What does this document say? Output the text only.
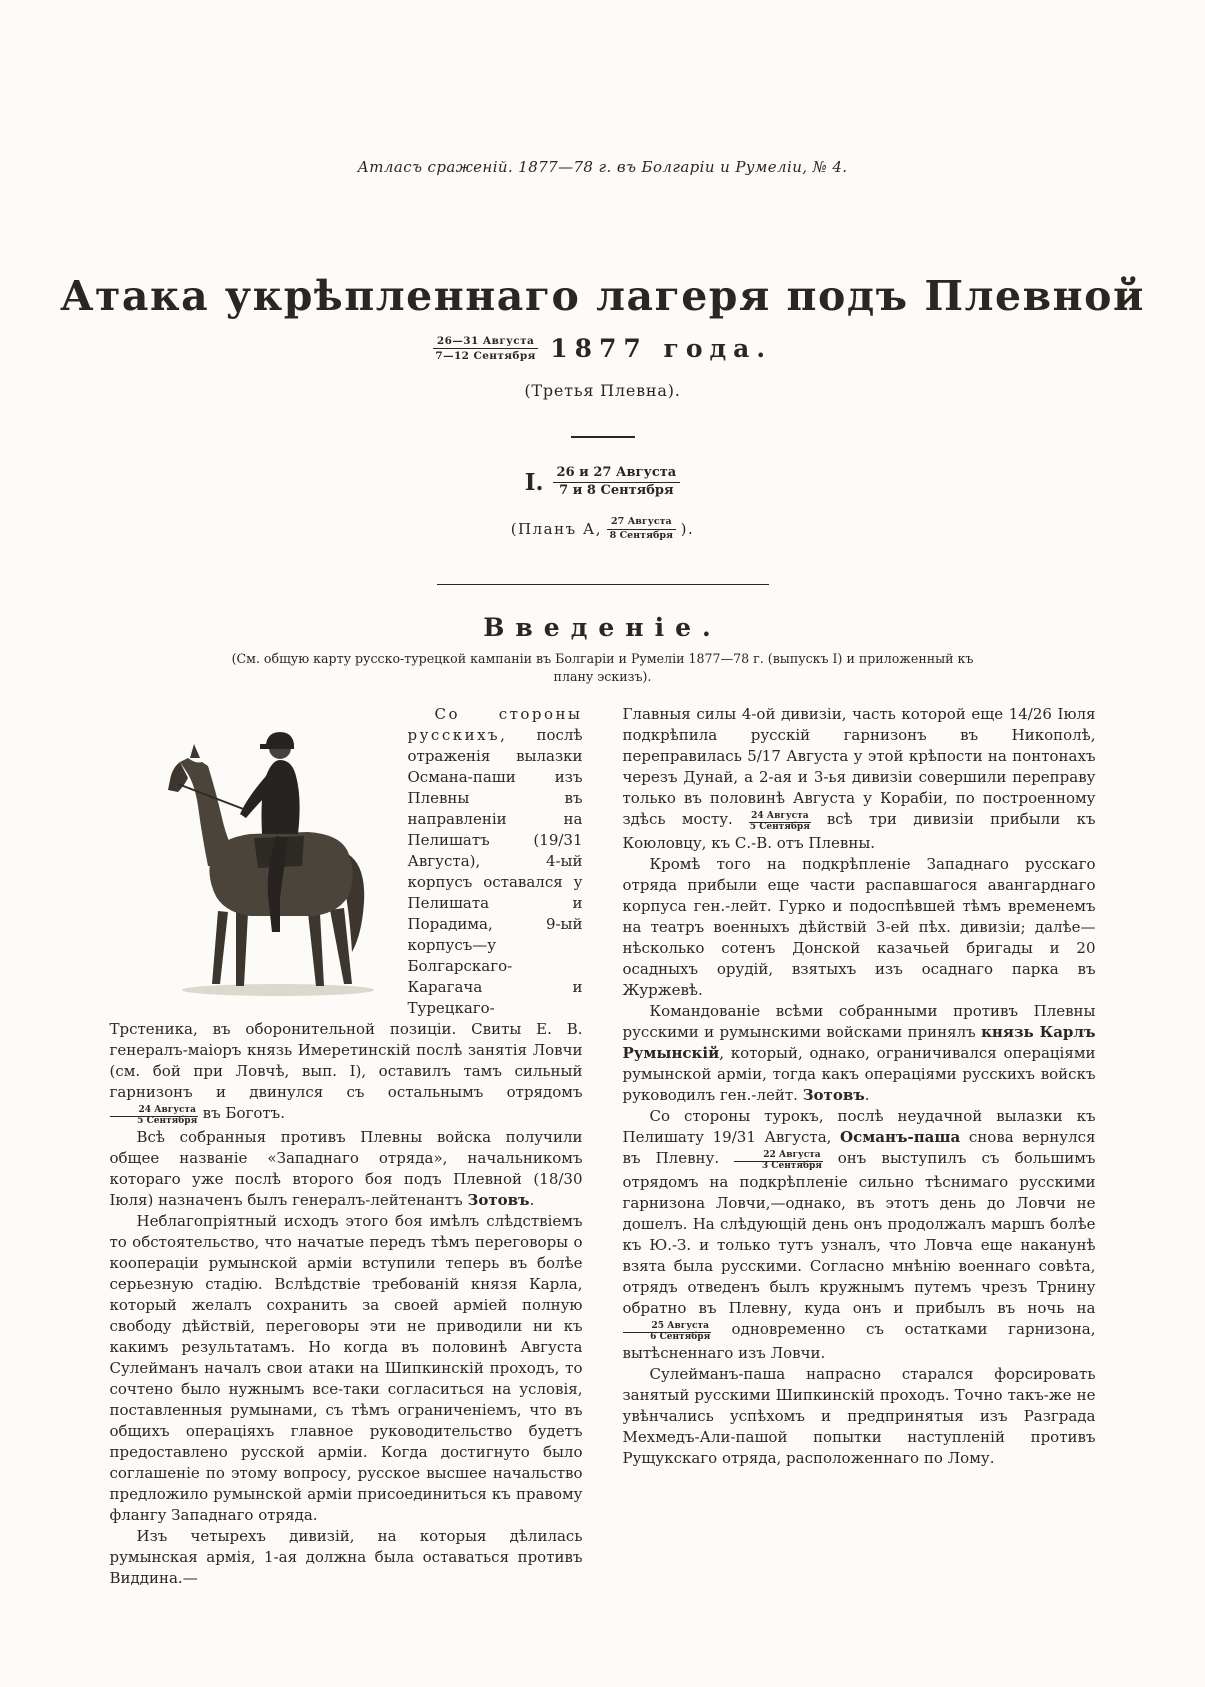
Атласъ сраженій. 1877—78 г. въ Болгаріи и Румеліи, № 4.
Атака укрѣпленнаго лагеря подъ Плевной
$\frac{\text{26—31 Августа}}{\text{7—12 Сентября}} 1877$ года.
(Третья Плевна).
I. $\frac{\text{26 и 27 Августа}}{\text{7 и 8 Сентября}}$
(Планъ А, $\frac{\text{27 Августа}}{\text{8 Сентября}}$ ).
Введеніе.
(См. общую карту русско-турецкой кампаніи въ Болгаріи и Румеліи 1877—78 г. (выпускъ I) и приложенный къ плану эскизъ).

Со стороны русскихъ, послѣ отраженія вылазки Османа-паши изъ Плевны въ направленіи на Пелишатъ (19/31 Августа), 4-ый корпусъ оставался у Пелишата и Порадима, 9-ый корпусъ—у Болгарскаго-Карагача и Турецкаго-Трстеника, въ оборонительной позиціи. Свиты Е. В. генералъ-маіоръ князь Имеретинскій послѣ занятія Ловчи (см. бой при Ловчѣ, вып. I), оставилъ тамъ сильный гарнизонъ и двинулся съ остальнымъ отрядомъ
$\frac{\text{24 Августа}}{\text{5 Сентября}}$ въ Боготъ.

Всѣ собранныя противъ Плевны войска получили общее названіе «Западнаго отряда», начальникомъ котораго уже послѣ второго боя подъ Плевной (18/30 Іюля) назначенъ былъ генералъ-лейтенантъ Зотовъ.

Неблагопріятный исходъ этого боя имѣлъ слѣдствіемъ то обстоятельство, что начатые передъ тѣмъ переговоры о коопераціи румынской арміи вступили теперь въ болѣе серьезную стадію. Вслѣдствіе требованій князя Карла, который желалъ сохранить за своей арміей полную свободу дѣйствій, переговоры эти не приводили ни къ какимъ результатамъ. Но когда въ половинѣ Августа Сулейманъ началъ свои атаки на Шипкинскій проходъ, то сочтено было нужнымъ все-таки согласиться на условія, поставленныя румынами, съ тѣмъ ограниченіемъ, что въ общихъ операціяхъ главное руководительство будетъ предоставлено русской арміи. Когда достигнуто было соглашеніе по этому вопросу, русское высшее начальство предложило румынской арміи присоединиться къ правому флангу Западнаго отряда.

Изъ четырехъ дивизій, на которыя дѣлилась румынская армія, 1-ая должна была оставаться противъ Виддина.—

Главныя силы 4-ой дивизіи, часть которой еще 14/26 Іюля подкрѣпила русскій гарнизонъ въ Никополѣ, переправилась 5/17 Августа у этой крѣпости на понтонахъ черезъ Дунай, а 2-ая и 3-ья дивизіи совершили переправу только въ половинѣ Августа у Корабіи, по построенному здѣсь мосту. $\frac{\text{24 Августа}}{\text{5 Сентября}}$ всѣ три дивизіи прибыли къ Коюловцу, къ С.-В. отъ Плевны.

Кромѣ того на подкрѣпленіе Западнаго русскаго отряда прибыли еще части распавшагося авангарднаго корпуса ген.-лейт. Гурко и подоспѣвшей тѣмъ временемъ на театръ военныхъ дѣйствій 3-ей пѣх. дивизіи; далѣе—нѣсколько сотенъ Донской казачьей бригады и 20 осадныхъ орудій, взятыхъ изъ осаднаго парка въ Журжевѣ.

Командованіе всѣми собранными противъ Плевны русскими и румынскими войсками принялъ князь Карлъ Румынскій, который, однако, ограничивался операціями румынской арміи, тогда какъ операціями русскихъ войскъ руководилъ ген.-лейт. Зотовъ.

Со стороны турокъ, послѣ неудачной вылазки къ Пелишату 19/31 Августа, Османъ-паша снова вернулся въ Плевну. $\frac{\text{22 Августа}}{\text{3 Сентября}}$ онъ выступилъ съ большимъ отрядомъ на подкрѣпленіе сильно тѣснимаго русскими гарнизона Ловчи,—однако, въ этотъ день до Ловчи не дошелъ. На слѣдующій день онъ продолжалъ маршъ болѣе къ Ю.-З. и только тутъ узналъ, что Ловча еще наканунѣ взята была русскими. Согласно мнѣнію военнаго совѣта, отрядъ отведенъ былъ кружнымъ путемъ чрезъ Трнину обратно въ Плевну, куда онъ и прибылъ въ ночь на
$\frac{\text{25 Августа}}{\text{6 Сентября}}$ одновременно съ остатками гарнизона, вытѣсненнаго изъ Ловчи.

Сулейманъ-паша напрасно старался форсировать занятый русскими Шипкинскій проходъ. Точно такъ-же не увѣнчались успѣхомъ и предпринятыя изъ Разграда Мехмедъ-Али-пашой попытки наступленій противъ Рущукскаго отряда, расположеннаго по Лому.
